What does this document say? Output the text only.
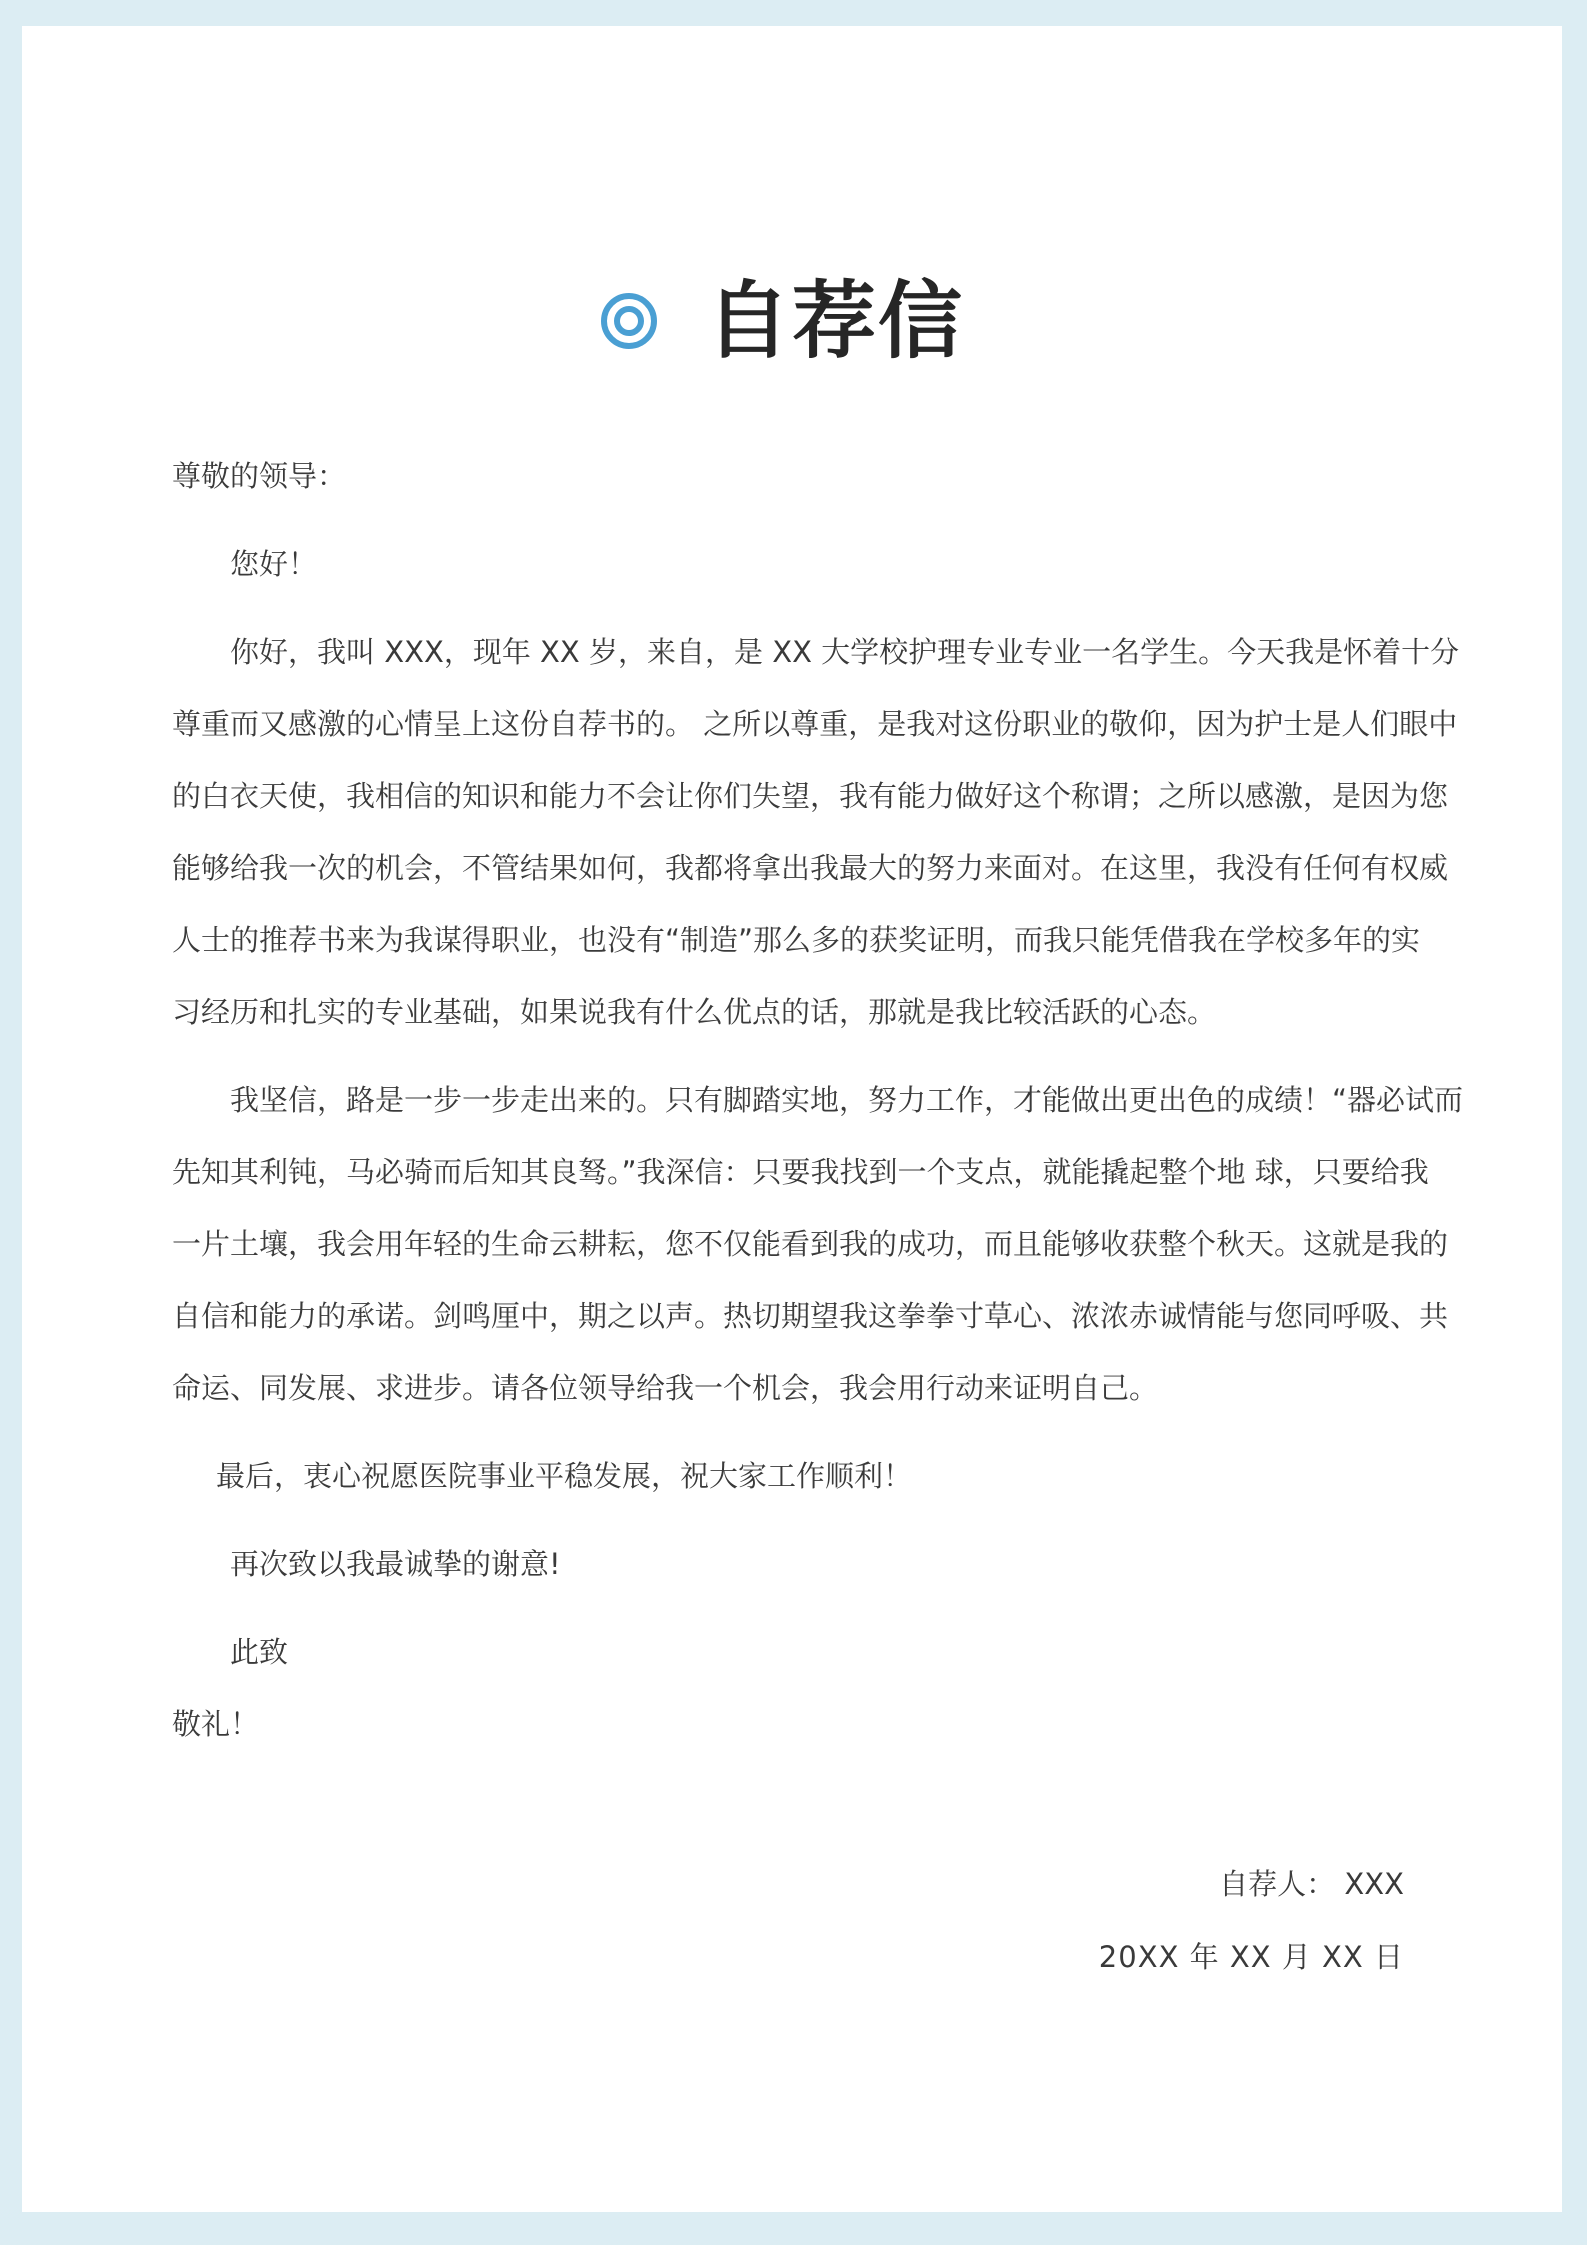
自荐信

尊敬的领导：

您好！

你好，我叫 XXX，现年 XX 岁，来自，是 XX 大学校护理专业专业一名学生。今天我是怀着十分

尊重而又感激的心情呈上这份自荐书的。 之所以尊重，是我对这份职业的敬仰，因为护士是人们眼中

的白衣天使，我相信的知识和能力不会让你们失望，我有能力做好这个称谓；之所以感激，是因为您

能够给我一次的机会，不管结果如何，我都将拿出我最大的努力来面对。在这里，我没有任何有权威

人士的推荐书来为我谋得职业，也没有“制造”那么多的获奖证明，而我只能凭借我在学校多年的实

习经历和扎实的专业基础，如果说我有什么优点的话，那就是我比较活跃的心态。

我坚信，路是一步一步走出来的。只有脚踏实地，努力工作，才能做出更出色的成绩！“器必试而

先知其利钝，马必骑而后知其良驽。”我深信：只要我找到一个支点，就能撬起整个地 球，只要给我

一片土壤，我会用年轻的生命云耕耘，您不仅能看到我的成功，而且能够收获整个秋天。这就是我的

自信和能力的承诺。剑鸣厘中，期之以声。热切期望我这拳拳寸草心、浓浓赤诚情能与您同呼吸、共

命运、同发展、求进步。请各位领导给我一个机会，我会用行动来证明自己。

最后，衷心祝愿医院事业平稳发展，祝大家工作顺利！

再次致以我最诚挚的谢意!

此致

敬礼！

自荐人： XXX
20XX 年 XX 月 XX 日
